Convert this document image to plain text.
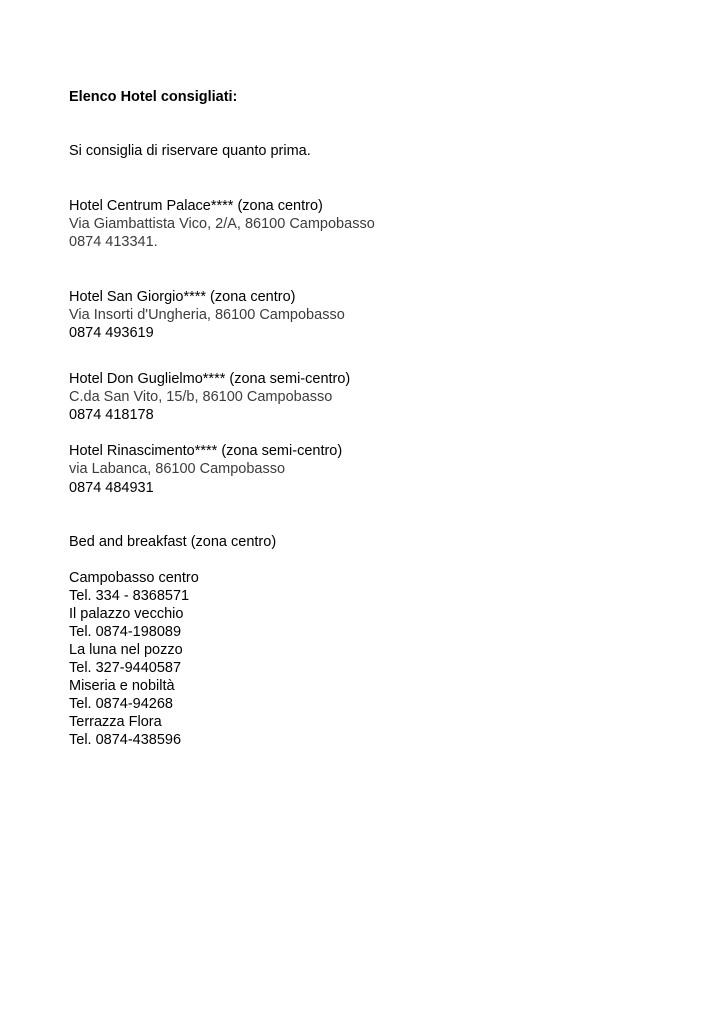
Elenco Hotel consigliati:
Si consiglia di riservare quanto prima.
Hotel Centrum Palace**** (zona centro)
Via Giambattista Vico, 2/A, 86100 Campobasso
0874 413341.
Hotel San Giorgio**** (zona centro)
Via Insorti d'Ungheria, 86100 Campobasso
0874 493619
Hotel Don Guglielmo**** (zona semi-centro)
C.da San Vito, 15/b, 86100 Campobasso
0874 418178
Hotel Rinascimento**** (zona semi-centro)
via Labanca, 86100 Campobasso
0874 484931
Bed and breakfast (zona centro)
Campobasso centro
Tel. 334 - 8368571
Il palazzo vecchio
Tel. 0874-198089
La luna nel pozzo
Tel. 327-9440587
Miseria e nobiltà
Tel. 0874-94268
Terrazza Flora
Tel. 0874-438596
